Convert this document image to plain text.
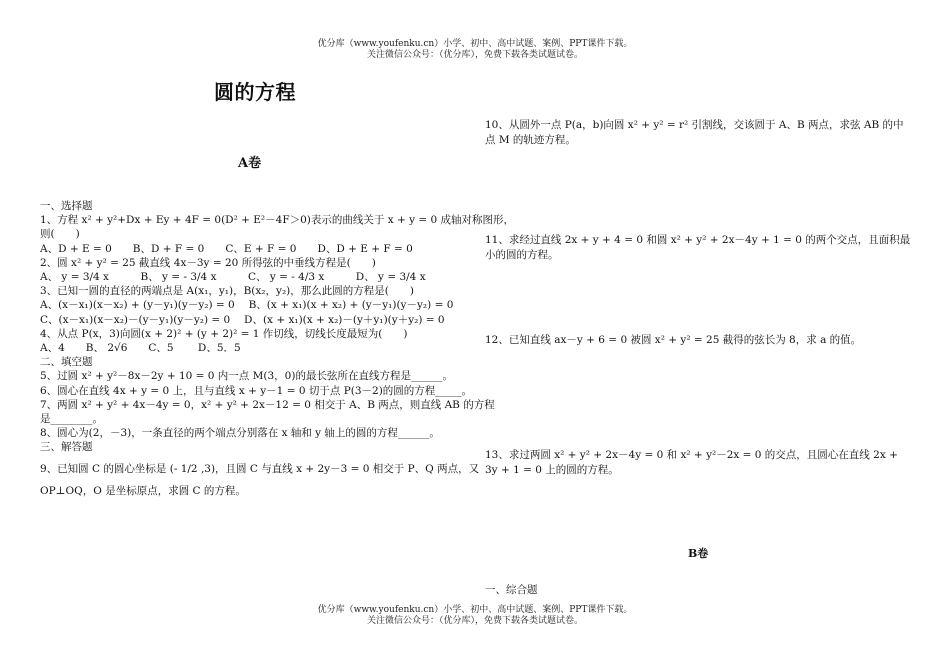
优分库（www.youfenku.cn）小学、初中、高中试题、案例、PPT课件下载。
关注微信公众号：（优分库），免费下载各类试题试卷。
圆的方程
A卷
一、选择题
1、方程 x² + y²+Dx + Ey + 4F = 0(D² + E²－4F＞0)表示的曲线关于 x + y = 0 成轴对称图形，
则(　　)
A、D + E = 0　　B、D + F = 0　　C、E + F = 0　　D、D + E + F = 0
2、圆 x² + y² = 25 截直线 4x－3y = 20 所得弦的中垂线方程是(　　)
A、 y = 3/4 x　　　B、 y = - 3/4 x　　　C、 y = - 4/3 x　　　D、 y = 3/4 x
3、已知一圆的直径的两端点是 A(x₁，y₁)，B(x₂，y₂)，那么此圆的方程是(　　)
A、(x－x₁)(x－x₂) + (y－y₁)(y－y₂) = 0　 B、(x + x₁)(x + x₂) + (y－y₁)(y－y₂) = 0
C、(x－x₁)(x－x₂)－(y－y₁)(y－y₂) = 0　 D、(x + x₁)(x + x₂)－(y＋y₁)(y＋y₂) = 0
4、从点 P(x，3)向圆(x + 2)² + (y + 2)² = 1 作切线，切线长度最短为(　　)
A、4　　B、 2√6　　C、5　　 D、5．5
二、填空题
5、过圆 x² + y²－8x－2y + 10 = 0 内一点 M(3，0)的最长弦所在直线方程是______。
6、圆心在直线 4x + y = 0 上，且与直线 x + y－1 = 0 切于点 P(3－2)的圆的方程_____。
7、两圆 x² + y² + 4x－4y = 0，x² + y² + 2x－12 = 0 相交于 A、B 两点，则直线 AB 的方程
是________。
8、圆心为(2，－3)，一条直径的两个端点分别落在 x 轴和 y 轴上的圆的方程______。
三、解答题
9、已知圆 C 的圆心坐标是 (- 1/2 ,3)，且圆 C 与直线 x + 2y－3 = 0 相交于 P、Q 两点，又
OP⊥OQ，O 是坐标原点，求圆 C 的方程。
10、从圆外一点 P(a，b)向圆 x² + y² = r² 引割线，交该圆于 A、B 两点，求弦 AB 的中点 M 的轨迹方程。
11、求经过直线 2x + y + 4 = 0 和圆 x² + y² + 2x－4y + 1 = 0 的两个交点，且面积最小的圆的方程。
12、已知直线 ax－y + 6 = 0 被圆 x² + y² = 25 截得的弦长为 8，求 a 的值。
13、求过两圆 x² + y² + 2x－4y = 0 和 x² + y²－2x = 0 的交点，且圆心在直线 2x + 3y + 1 = 0 上的圆的方程。
B卷
一、综合题
优分库（www.youfenku.cn）小学、初中、高中试题、案例、PPT课件下载。
关注微信公众号：（优分库），免费下载各类试题试卷。
